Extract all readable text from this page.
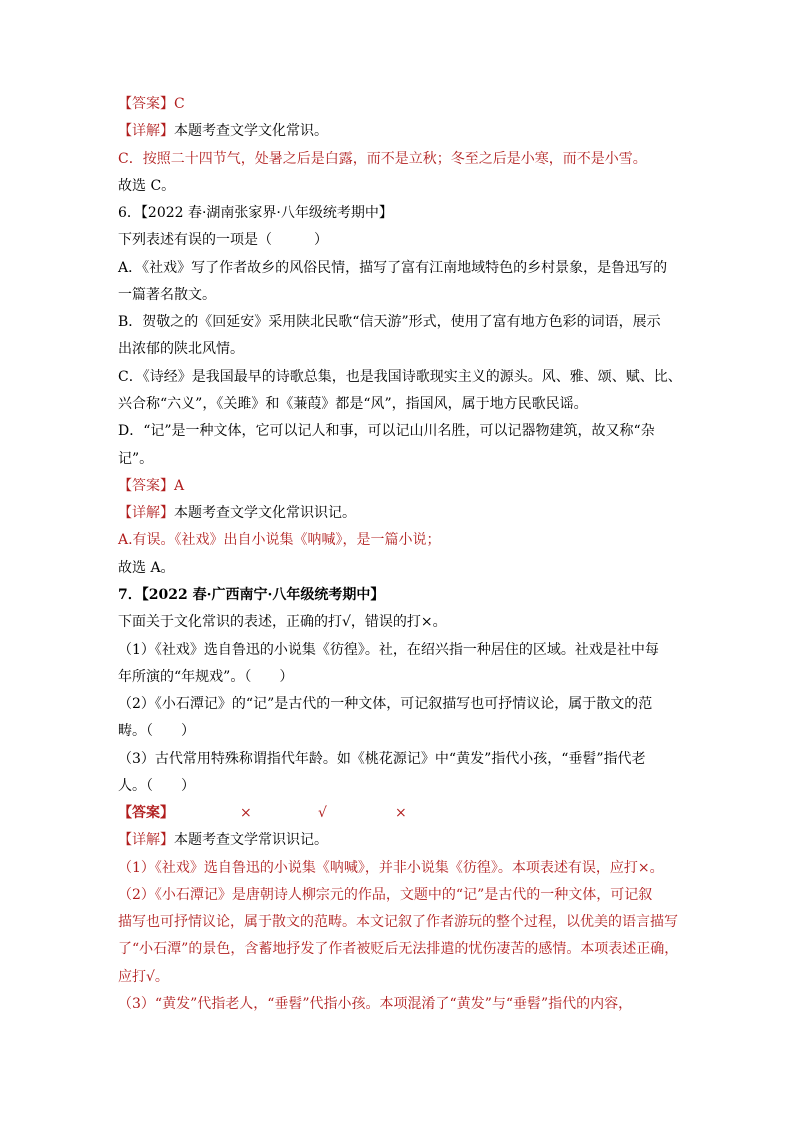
【答案】C
【详解】本题考查文学文化常识。
C．按照二十四节气，处暑之后是白露，而不是立秋；冬至之后是小寒，而不是小雪。
故选 C。
6．【2022 春·湖南张家界·八年级统考期中】
下列表述有误的一项是（　　　）
A．《社戏》写了作者故乡的风俗民情，描写了富有江南地域特色的乡村景象，是鲁迅写的
一篇著名散文。
B．贺敬之的《回延安》采用陕北民歌“信天游”形式，使用了富有地方色彩的词语，展示
出浓郁的陕北风情。
C．《诗经》是我国最早的诗歌总集，也是我国诗歌现实主义的源头。风、雅、颂、赋、比、
兴合称“六义”，《关雎》和《蒹葭》都是“风”，指国风，属于地方民歌民谣。
D．“记”是一种文体，它可以记人和事，可以记山川名胜，可以记器物建筑，故又称“杂
记”。
【答案】A
【详解】本题考查文学文化常识识记。
A.有误。《社戏》出自小说集《呐喊》，是一篇小说；
故选 A。
7．【2022 春·广西南宁·八年级统考期中】
下面关于文化常识的表述，正确的打√，错误的打×。
（1）《社戏》选自鲁迅的小说集《彷徨》。社，在绍兴指一种居住的区域。社戏是社中每
年所演的“年规戏”。（　　）
（2）《小石潭记》的“记”是古代的一种文体，可记叙描写也可抒情议论，属于散文的范
畴。（　　）
（3）古代常用特殊称谓指代年龄。如《桃花源记》中“黄发”指代小孩，“垂髫”指代老
人。（　　）
【答案】	×	√	×
【详解】本题考查文学常识识记。
（1）《社戏》选自鲁迅的小说集《呐喊》，并非小说集《彷徨》。本项表述有误，应打×。
（2）《小石潭记》是唐朝诗人柳宗元的作品，文题中的“记”是古代的一种文体，可记叙
描写也可抒情议论，属于散文的范畴。本文记叙了作者游玩的整个过程，以优美的语言描写
了“小石潭”的景色，含蓄地抒发了作者被贬后无法排遣的忧伤凄苦的感情。本项表述正确，
应打√。
（3）“黄发”代指老人，“垂髫”代指小孩。本项混淆了“黄发”与“垂髫”指代的内容，
